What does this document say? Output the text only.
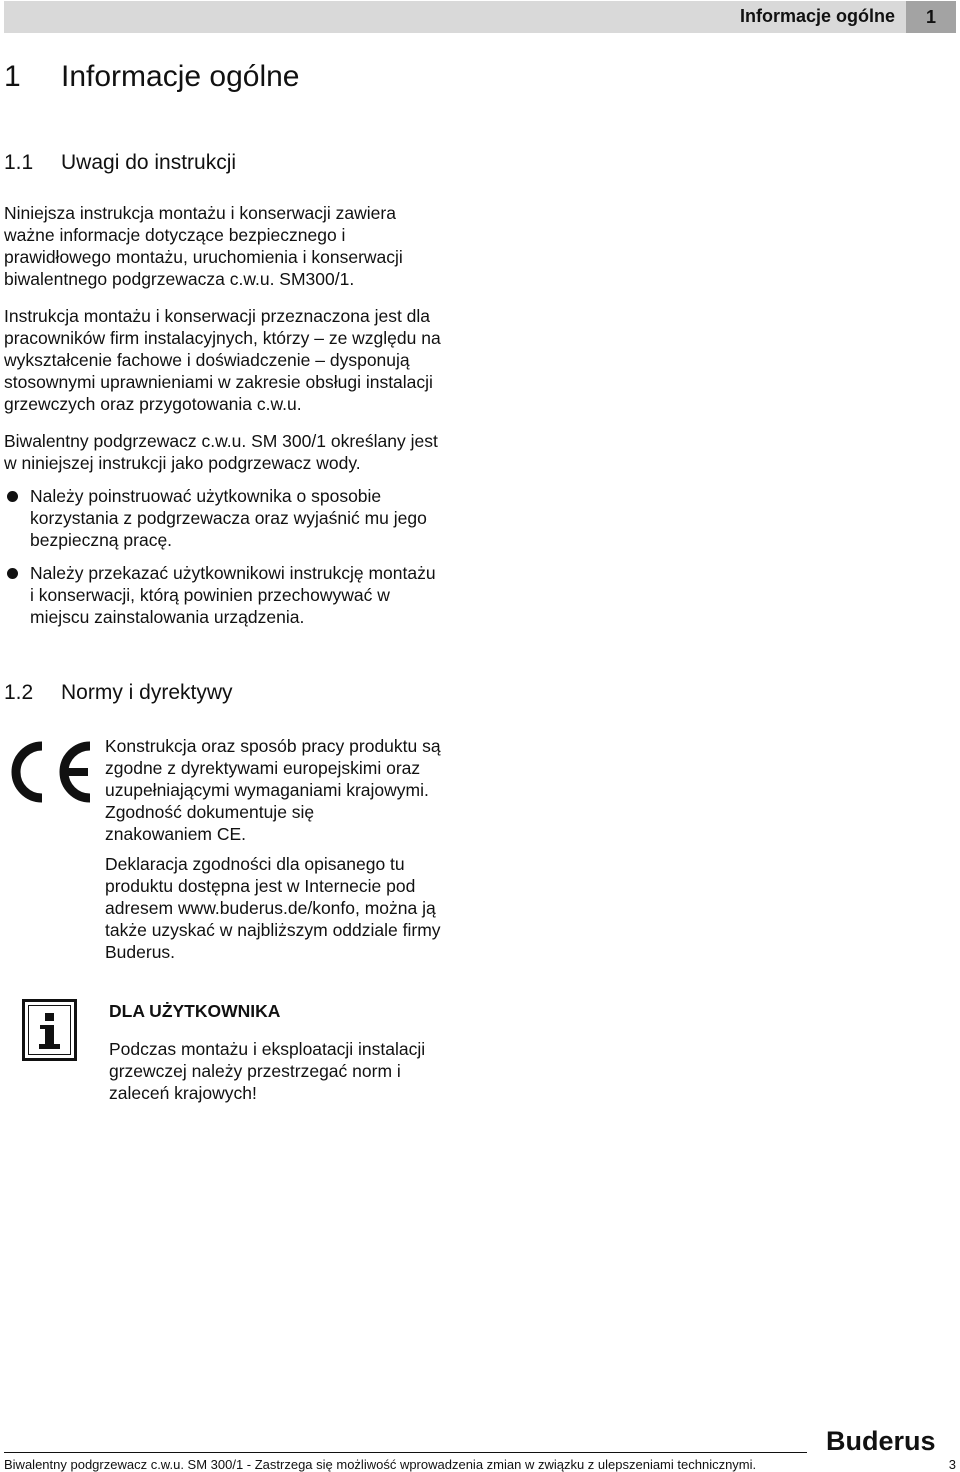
Informacje ogólne	1
1 Informacje ogólne
1.1 Uwagi do instrukcji

Niniejsza instrukcja montażu i konserwacji zawiera
ważne informacje dotyczące bezpiecznego i
prawidłowego montażu, uruchomienia i konserwacji
biwalentnego podgrzewacza c.w.u. SM300/1.

Instrukcja montażu i konserwacji przeznaczona jest dla
pracowników firm instalacyjnych, którzy – ze względu na
wykształcenie fachowe i doświadczenie – dysponują
stosownymi uprawnieniami w zakresie obsługi instalacji
grzewczych oraz przygotowania c.w.u.

Biwalentny podgrzewacz c.w.u. SM 300/1 określany jest
w niniejszej instrukcji jako podgrzewacz wody.

Należy poinstruować użytkownika o sposobie
korzystania z podgrzewacza oraz wyjaśnić mu jego
bezpieczną pracę.

Należy przekazać użytkownikowi instrukcję montażu
i konserwacji, którą powinien przechowywać w
miejscu zainstalowania urządzenia.

1.2 Normy i dyrektywy

Konstrukcja oraz sposób pracy produktu są
zgodne z dyrektywami europejskimi oraz
uzupełniającymi wymaganiami krajowymi.
Zgodność dokumentuje się
znakowaniem CE.

Deklaracja zgodności dla opisanego tu
produktu dostępna jest w Internecie pod
adresem www.buderus.de/konfo, można ją
także uzyskać w najbliższym oddziale firmy
Buderus.

DLA UŻYTKOWNIKA

Podczas montażu i eksploatacji instalacji
grzewczej należy przestrzegać norm i
zaleceń krajowych!

Buderus
Biwalentny podgrzewacz c.w.u. SM 300/1 - Zastrzega się możliwość wprowadzenia zmian w związku z ulepszeniami technicznymi.	3
